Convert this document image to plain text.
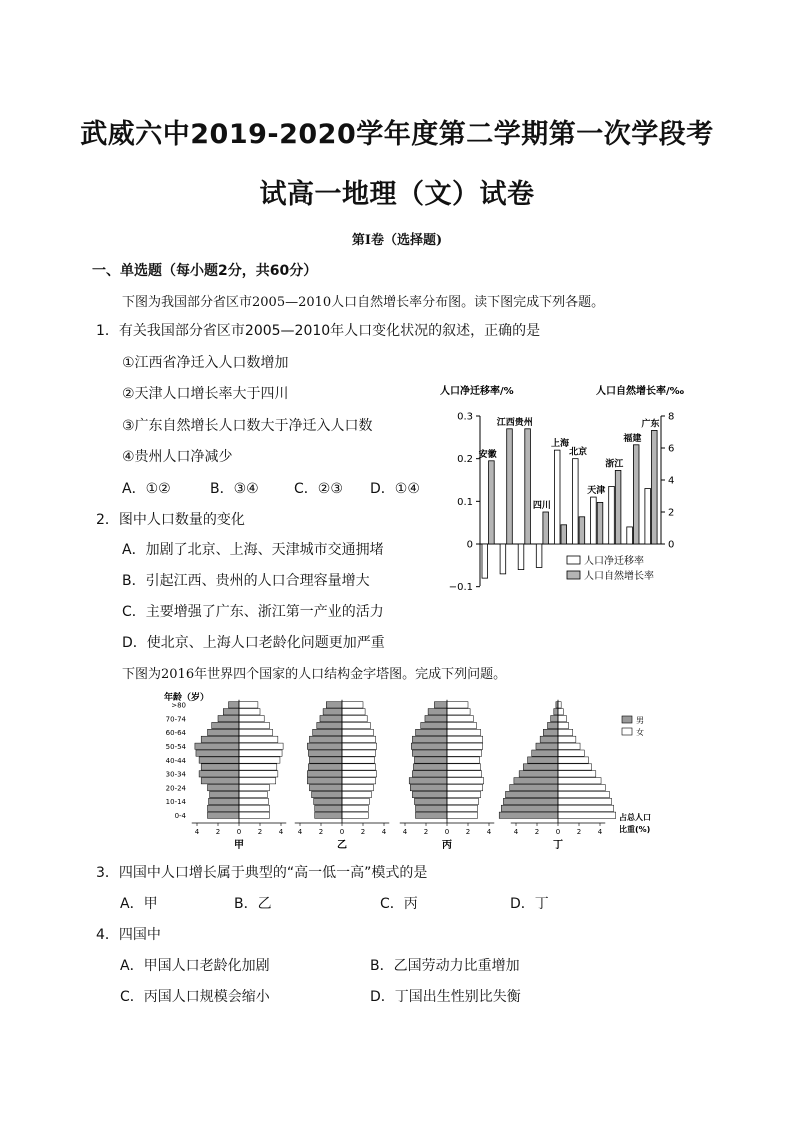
武威六中2019-2020学年度第二学期第一次学段考
试高一地理（文）试卷
第Ⅰ卷（选择题)
一、单选题（每小题2分，共60分）
下图为我国部分省区市2005—2010人口自然增长率分布图。读下图完成下列各题。
1．有关我国部分省区市2005—2010年人口变化状况的叙述，正确的是
①江西省净迁入人口数增加
②天津人口增长率大于四川
③广东自然增长人口数大于净迁入人口数
④贵州人口净减少
A．①②	B．③④	C．②③ D．①④
2．图中人口数量的变化
A．加剧了北京、上海、天津城市交通拥堵
B．引起江西、贵州的人口合理容量增大
C．主要增强了广东、浙江第一产业的活力
D．使北京、上海人口老龄化问题更加严重
下图为2016年世界四个国家的人口结构金字塔图。完成下列问题。
人口净迁移率/%	人口自然增长率/‰
0.3
0.2
0.1
0
−0.1
8
6
4
2
0
安徽
江西 贵州
四川
上海
北京
天津
浙江
福建
广东
人口净迁移率
人口自然增长率
年龄（岁）
>80
70-74
60-64
50-54
40-44
30-34
20-24
10-14
0-4
4 2 0 2 4
甲
4 2 0 2 4
乙
4 2 0 2 4
丙
4 2 0 2 4
丁
男
女
占总人口
比重(%)
3．四国中人口增长属于典型的“高一低一高”模式的是
A．甲	B．乙	C．丙	D．丁
4．四国中
A．甲国人口老龄化加剧	B．乙国劳动力比重增加
C．丙国人口规模会缩小	D．丁国出生性别比失衡
